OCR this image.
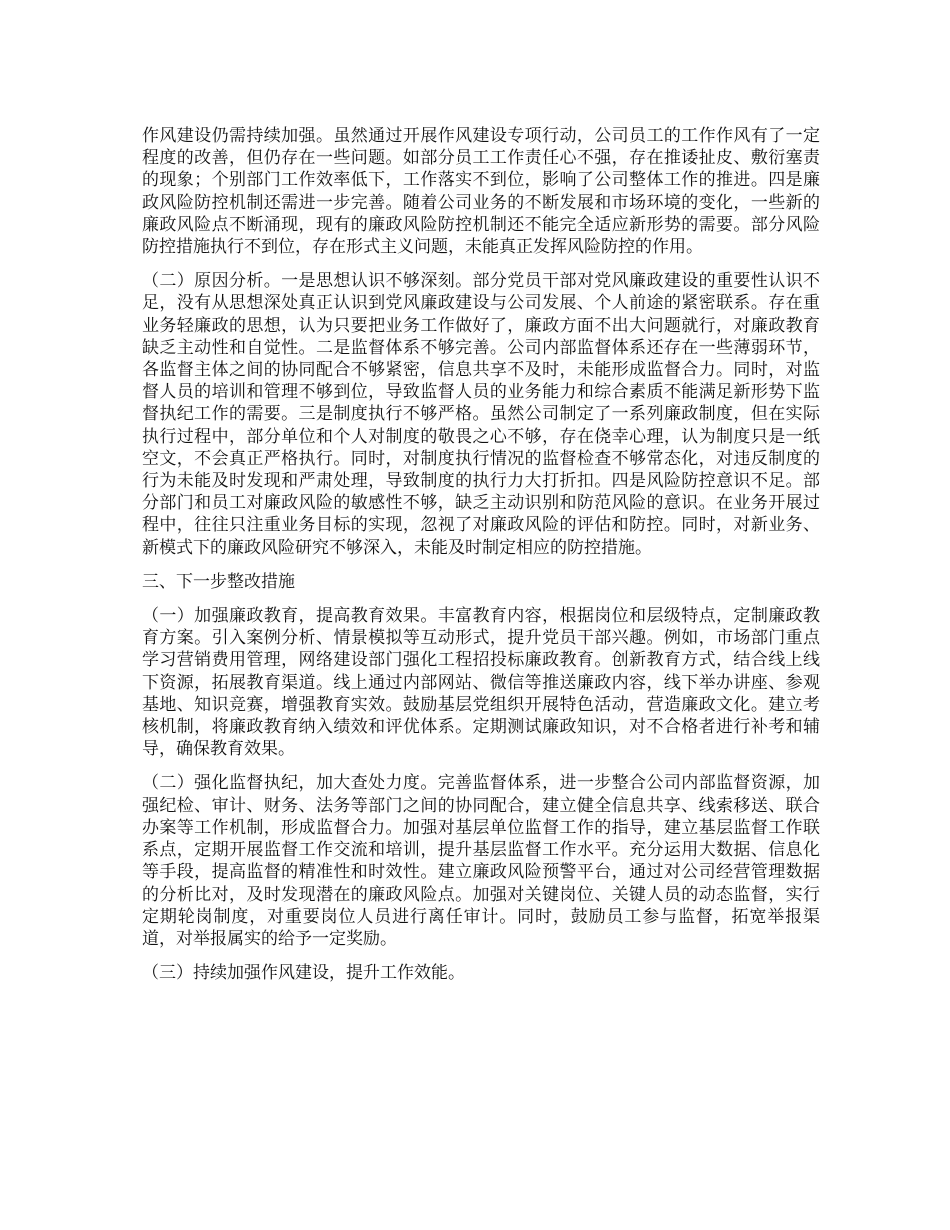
作风建设仍需持续加强。虽然通过开展作风建设专项行动，公司员工的工作作风有了一定程度的改善，但仍存在一些问题。如部分员工工作责任心不强，存在推诿扯皮、敷衍塞责的现象；个别部门工作效率低下，工作落实不到位，影响了公司整体工作的推进。四是廉政风险防控机制还需进一步完善。随着公司业务的不断发展和市场环境的变化，一些新的廉政风险点不断涌现，现有的廉政风险防控机制还不能完全适应新形势的需要。部分风险防控措施执行不到位，存在形式主义问题，未能真正发挥风险防控的作用。

（二）原因分析。一是思想认识不够深刻。部分党员干部对党风廉政建设的重要性认识不足，没有从思想深处真正认识到党风廉政建设与公司发展、个人前途的紧密联系。存在重业务轻廉政的思想，认为只要把业务工作做好了，廉政方面不出大问题就行，对廉政教育缺乏主动性和自觉性。二是监督体系不够完善。公司内部监督体系还存在一些薄弱环节，各监督主体之间的协同配合不够紧密，信息共享不及时，未能形成监督合力。同时，对监督人员的培训和管理不够到位，导致监督人员的业务能力和综合素质不能满足新形势下监督执纪工作的需要。三是制度执行不够严格。虽然公司制定了一系列廉政制度，但在实际执行过程中，部分单位和个人对制度的敬畏之心不够，存在侥幸心理，认为制度只是一纸空文，不会真正严格执行。同时，对制度执行情况的监督检查不够常态化，对违反制度的行为未能及时发现和严肃处理，导致制度的执行力大打折扣。四是风险防控意识不足。部分部门和员工对廉政风险的敏感性不够，缺乏主动识别和防范风险的意识。在业务开展过程中，往往只注重业务目标的实现，忽视了对廉政风险的评估和防控。同时，对新业务、新模式下的廉政风险研究不够深入，未能及时制定相应的防控措施。

三、下一步整改措施

（一）加强廉政教育，提高教育效果。丰富教育内容，根据岗位和层级特点，定制廉政教育方案。引入案例分析、情景模拟等互动形式，提升党员干部兴趣。例如，市场部门重点学习营销费用管理，网络建设部门强化工程招投标廉政教育。创新教育方式，结合线上线下资源，拓展教育渠道。线上通过内部网站、微信等推送廉政内容，线下举办讲座、参观基地、知识竞赛，增强教育实效。鼓励基层党组织开展特色活动，营造廉政文化。建立考核机制，将廉政教育纳入绩效和评优体系。定期测试廉政知识，对不合格者进行补考和辅导，确保教育效果。

（二）强化监督执纪，加大查处力度。完善监督体系，进一步整合公司内部监督资源，加强纪检、审计、财务、法务等部门之间的协同配合，建立健全信息共享、线索移送、联合办案等工作机制，形成监督合力。加强对基层单位监督工作的指导，建立基层监督工作联系点，定期开展监督工作交流和培训，提升基层监督工作水平。充分运用大数据、信息化等手段，提高监督的精准性和时效性。建立廉政风险预警平台，通过对公司经营管理数据的分析比对，及时发现潜在的廉政风险点。加强对关键岗位、关键人员的动态监督，实行定期轮岗制度，对重要岗位人员进行离任审计。同时，鼓励员工参与监督，拓宽举报渠道，对举报属实的给予一定奖励。

（三）持续加强作风建设，提升工作效能。
